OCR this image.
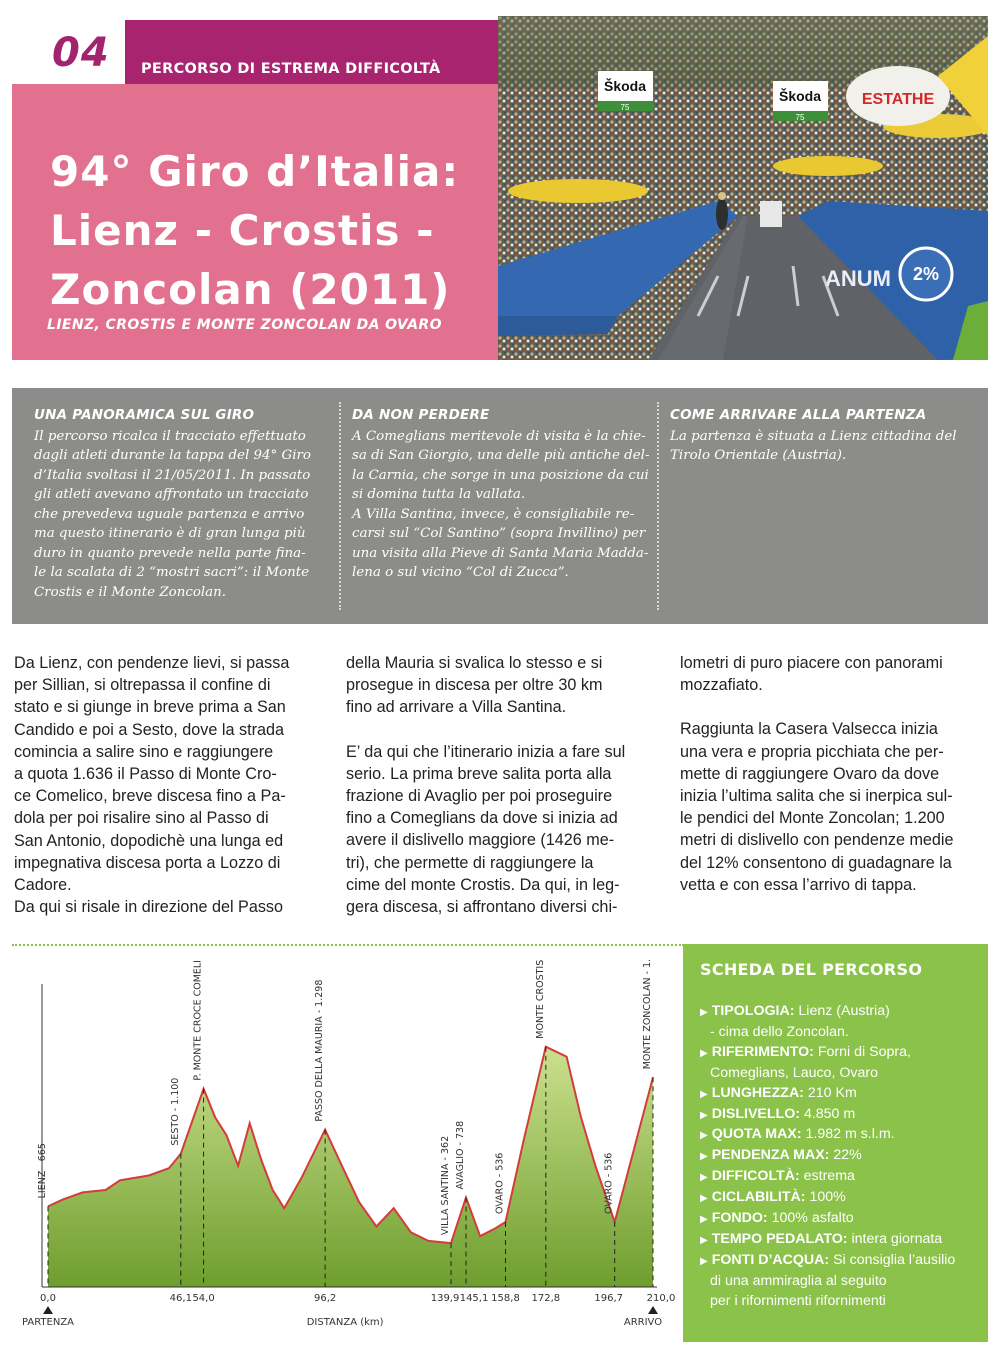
04 PERCORSO DI ESTREMA DIFFICOLTÀ
94° Giro d’Italia:
Lienz - Crostis -
Zoncolan (2011)
LIENZ, CROSTIS E MONTE ZONCOLAN DA OVARO
Škoda
75
Škoda
75
ESTATHE
2%
ANUM
UNA PANORAMICA SUL GIRO

Il percorso ricalca il tracciato effettuato

dagli atleti durante la tappa del 94° Giro

d’Italia svoltasi il 21/05/2011. In passato

gli atleti avevano affrontato un tracciato

che prevedeva uguale partenza e arrivo

ma questo itinerario è di gran lunga più

duro in quanto prevede nella parte fina-

le la scalata di 2 “mostri sacri”: il Monte

Crostis e il Monte Zoncolan.

DA NON PERDERE

A Comeglians meritevole di visita è la chie-

sa di San Giorgio, una delle più antiche del-

la Carnia, che sorge in una posizione da cui

si domina tutta la vallata.

A Villa Santina, invece, è consigliabile re-

carsi sul “Col Santino” (sopra Invillino) per

una visita alla Pieve di Santa Maria Madda-

lena o sul vicino “Col di Zucca”.

COME ARRIVARE ALLA PARTENZA

La partenza è situata a Lienz cittadina del

Tirolo Orientale (Austria).

Da Lienz, con pendenze lievi, si passa

per Sillian, si oltrepassa il confine di

stato e si giunge in breve prima a San

Candido e poi a Sesto, dove la strada

comincia a salire sino e raggiungere

a quota 1.636 il Passo di Monte Cro-

ce Comelico, breve discesa fino a Pa-

dola per poi risalire sino al Passo di

San Antonio, dopodichè una lunga ed

impegnativa discesa porta a Lozzo di

Cadore.

Da qui si risale in direzione del Passo

della Mauria si svalica lo stesso e si

prosegue in discesa per oltre 30 km

fino ad arrivare a Villa Santina.

E’ da qui che l’itinerario inizia a fare sul

serio. La prima breve salita porta alla

frazione di Avaglio per poi proseguire

fino a Comeglians da dove si inizia ad

avere il dislivello maggiore (1426 me-

tri), che permette di raggiungere la

cime del monte Crostis. Da qui, in leg-

gera discesa, si affrontano diversi chi-

lometri di puro piacere con panorami

mozzafiato.

Raggiunta la Casera Valsecca inizia

una vera e propria picchiata che per-

mette di raggiungere Ovaro da dove

inizia l’ultima salita che si inerpica sul-

le pendici del Monte Zoncolan; 1.200

metri di dislivello con pendenze medie

del 12% consentono di guadagnare la

vetta e con essa l’arrivo di tappa.

LIENZ - 665
SESTO - 1.100
P. MONTE CROCE COMELICO - 1.636	PASSO DELLA MAURIA - 1.298
VILLA SANTINA - 362 AVAGLIO - 738	OVARO - 536
MONTE CROSTIS - 1.982
OVARO - 536
MONTE ZONCOLAN - 1.730
0,0	46,1 54,0	96,2	139,9 145,1 158,8 172,8	196,7 210,0
DISTANZA (km)
PARTENZA	ARRIVO
SCHEDA DEL PERCORSO
▶ TIPOLOGIA: Lienz (Austria)
- cima dello Zoncolan.
▶ RIFERIMENTO: Forni di Sopra,
Comeglians, Lauco, Ovaro
▶ LUNGHEZZA: 210 Km
▶ DISLIVELLO: 4.850 m
▶ QUOTA MAX: 1.982 m s.l.m.
▶ PENDENZA MAX: 22%
▶ DIFFICOLTÀ: estrema
▶ CICLABILITÀ: 100%
▶ FONDO: 100% asfalto
▶ TEMPO PEDALATO: intera giornata
▶ FONTI D’ACQUA: Si consiglia l’ausilio
di una ammiraglia al seguito
per i rifornimenti rifornimenti
